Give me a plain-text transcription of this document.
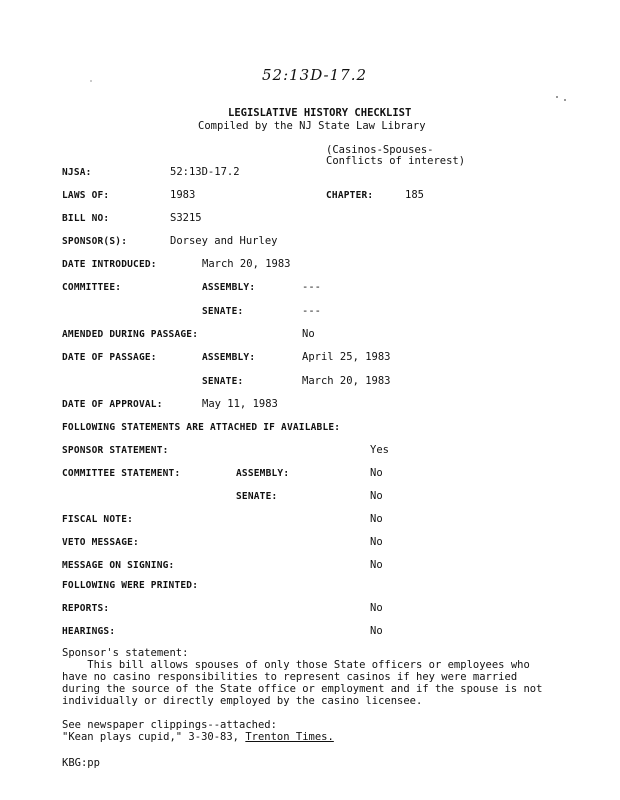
52:13D-17.2
LEGISLATIVE HISTORY CHECKLIST
Compiled by the NJ State Law Library
(Casinos-Spouses-
Conflicts of interest)
NJSA:	52:13D-17.2
LAWS OF:	1983	CHAPTER:	185
BILL NO:	S3215
SPONSOR(S):	Dorsey and Hurley
DATE INTRODUCED:	March 20, 1983
COMMITTEE:	ASSEMBLY:	---
SENATE:	---
AMENDED DURING PASSAGE:	No
DATE OF PASSAGE:	ASSEMBLY:	April 25, 1983
SENATE:	March 20, 1983
DATE OF APPROVAL:	May 11, 1983
FOLLOWING STATEMENTS ARE ATTACHED IF AVAILABLE:
SPONSOR STATEMENT:	Yes
COMMITTEE STATEMENT:	ASSEMBLY:	No
SENATE:	No
FISCAL NOTE:	No
VETO MESSAGE:	No
MESSAGE ON SIGNING:	No
FOLLOWING WERE PRINTED:
REPORTS:	No
HEARINGS:	No
Sponsor's statement:
This bill allows spouses of only those State officers or employees who
have no casino responsibilities to represent casinos if hey were married
during the source of the State office or employment and if the spouse is not
individually or directly employed by the casino licensee.
See newspaper clippings--attached:
"Kean plays cupid," 3-30-83, Trenton Times.
KBG:pp
